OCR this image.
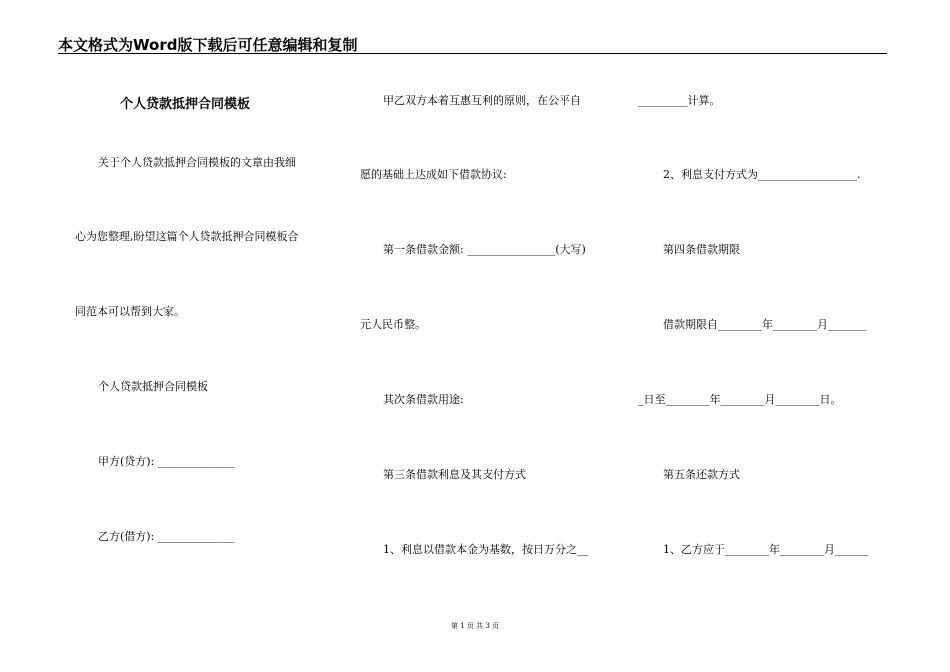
本文格式为Word版下载后可任意编辑和复制
个人贷款抵押合同模板
关于个人贷款抵押合同模板的文章由我细
心为您整理,盼望这篇个人贷款抵押合同模板合
同范本可以帮到大家。
个人贷款抵押合同模板
甲方(贷方): ______________
乙方(借方): ______________
甲乙双方本着互惠互利的原则，在公平自
愿的基础上达成如下借款协议:
第一条借款金额: ________________(大写)
元人民币整。
其次条借款用途:
第三条借款利息及其支付方式
1、利息以借款本金为基数，按日万分之__
_________计算。
2、利息支付方式为__________________.
第四条借款期限
借款期限自________年________月_______
_日至________年________月________日。
第五条还款方式
1、乙方应于________年________月______
第 1 页 共 3 页
